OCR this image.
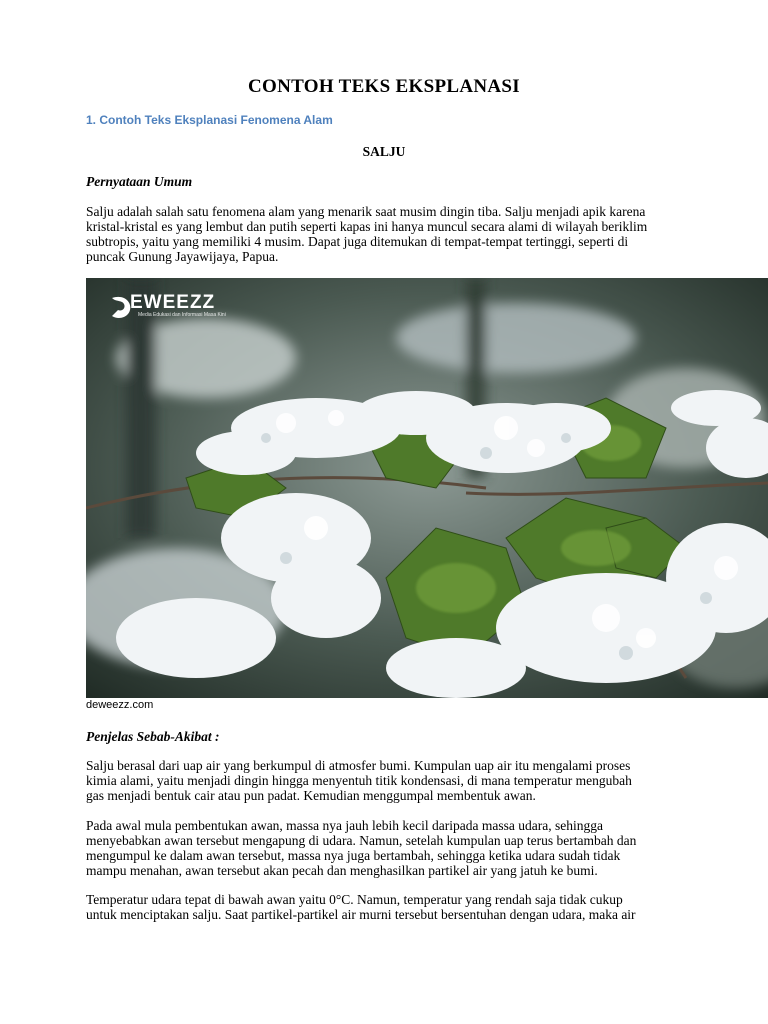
CONTOH TEKS EKSPLANASI
1. Contoh Teks Eksplanasi Fenomena Alam
SALJU
Pernyataan Umum
Salju adalah salah satu fenomena alam yang menarik saat musim dingin tiba. Salju menjadi apik karena
kristal-kristal es yang lembut dan putih seperti kapas ini hanya muncul secara alami di wilayah beriklim
subtropis, yaitu yang memiliki 4 musim. Dapat juga ditemukan di tempat-tempat tertinggi, seperti di
puncak Gunung Jayawijaya, Papua.
EWEEZZ
Media Edukasi dan Informasi Masa Kini
deweezz.com
Penjelas Sebab-Akibat :
Salju berasal dari uap air yang berkumpul di atmosfer bumi. Kumpulan uap air itu mengalami proses
kimia alami, yaitu menjadi dingin hingga menyentuh titik kondensasi, di mana temperatur mengubah
gas menjadi bentuk cair atau pun padat. Kemudian menggumpal membentuk awan.
Pada awal mula pembentukan awan, massa nya jauh lebih kecil daripada massa udara, sehingga
menyebabkan awan tersebut mengapung di udara. Namun, setelah kumpulan uap terus bertambah dan
mengumpul ke dalam awan tersebut, massa nya juga bertambah, sehingga ketika udara sudah tidak
mampu menahan, awan tersebut akan pecah dan menghasilkan partikel air yang jatuh ke bumi.
Temperatur udara tepat di bawah awan yaitu 0°C. Namun, temperatur yang rendah saja tidak cukup
untuk menciptakan salju. Saat partikel-partikel air murni tersebut bersentuhan dengan udara, maka air
